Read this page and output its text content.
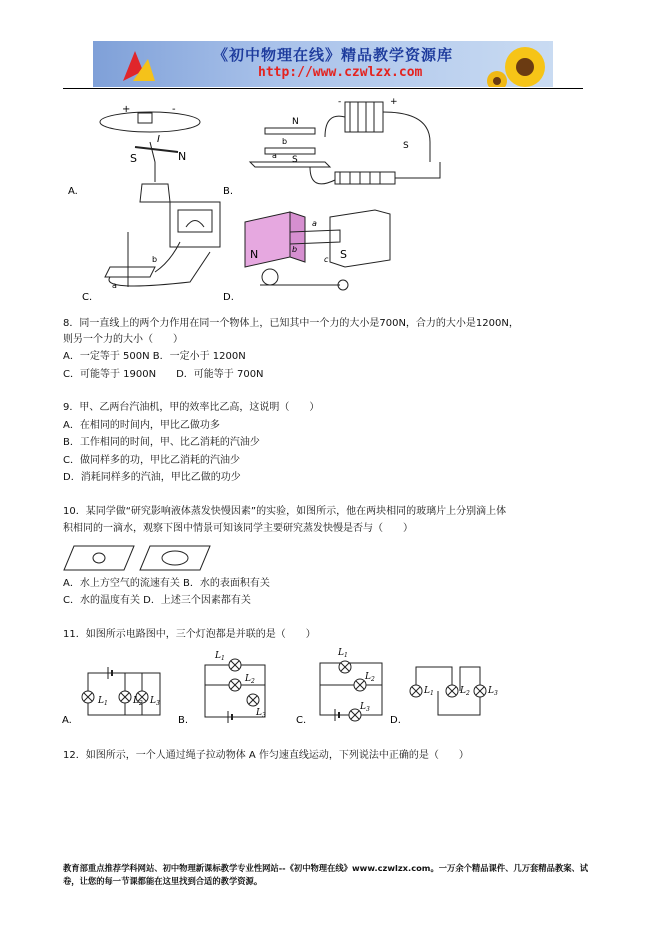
《初中物理在线》精品教学资源库
http://www.czwlzx.com
A.	B.
C.	D.
+	-
S	N
I
N
S
a
b
+
-
S
a
b	N	S
a
b
c
8．同一直线上的两个力作用在同一个物体上，已知其中一个力的大小是700N，合力的大小是1200N，
则另一个力的大小（　　）
A．一定等于 500N B．一定小于 1200N
C．可能等于 1900N　　D．可能等于 700N
9．甲、乙两台汽油机，甲的效率比乙高，这说明（　　）
A．在相同的时间内，甲比乙做功多
B．工作相同的时间，甲、比乙消耗的汽油少
C．做同样多的功，甲比乙消耗的汽油少
D．消耗同样多的汽油，甲比乙做的功少
10．某同学做“研究影响液体蒸发快慢因素”的实验，如图所示，他在两块相同的玻璃片上分别滴上体
积相同的一滴水，观察下图中情景可知该同学主要研究蒸发快慢是否与（　　）
A．水上方空气的流速有关 B．水的表面积有关
C．水的温度有关 D．上述三个因素都有关
11．如图所示电路图中，三个灯泡都是并联的是（　　）
A.	B.	C.	D.
$L_1$	$L_2$ $L_3$
$L_1$
$L_2$
$L_3$
$L_1$
$L_2$
$L_3$
$L_1$	$L_2$ $L_3$
12．如图所示，一个人通过绳子拉动物体 A 作匀速直线运动，下列说法中正确的是（　　）
教育部重点推荐学科网站、初中物理新课标教学专业性网站--《初中物理在线》www.czwlzx.com。一万余个精品课件、几万套精品教案、试卷，让您的每一节课都能在这里找到合适的教学资源。
